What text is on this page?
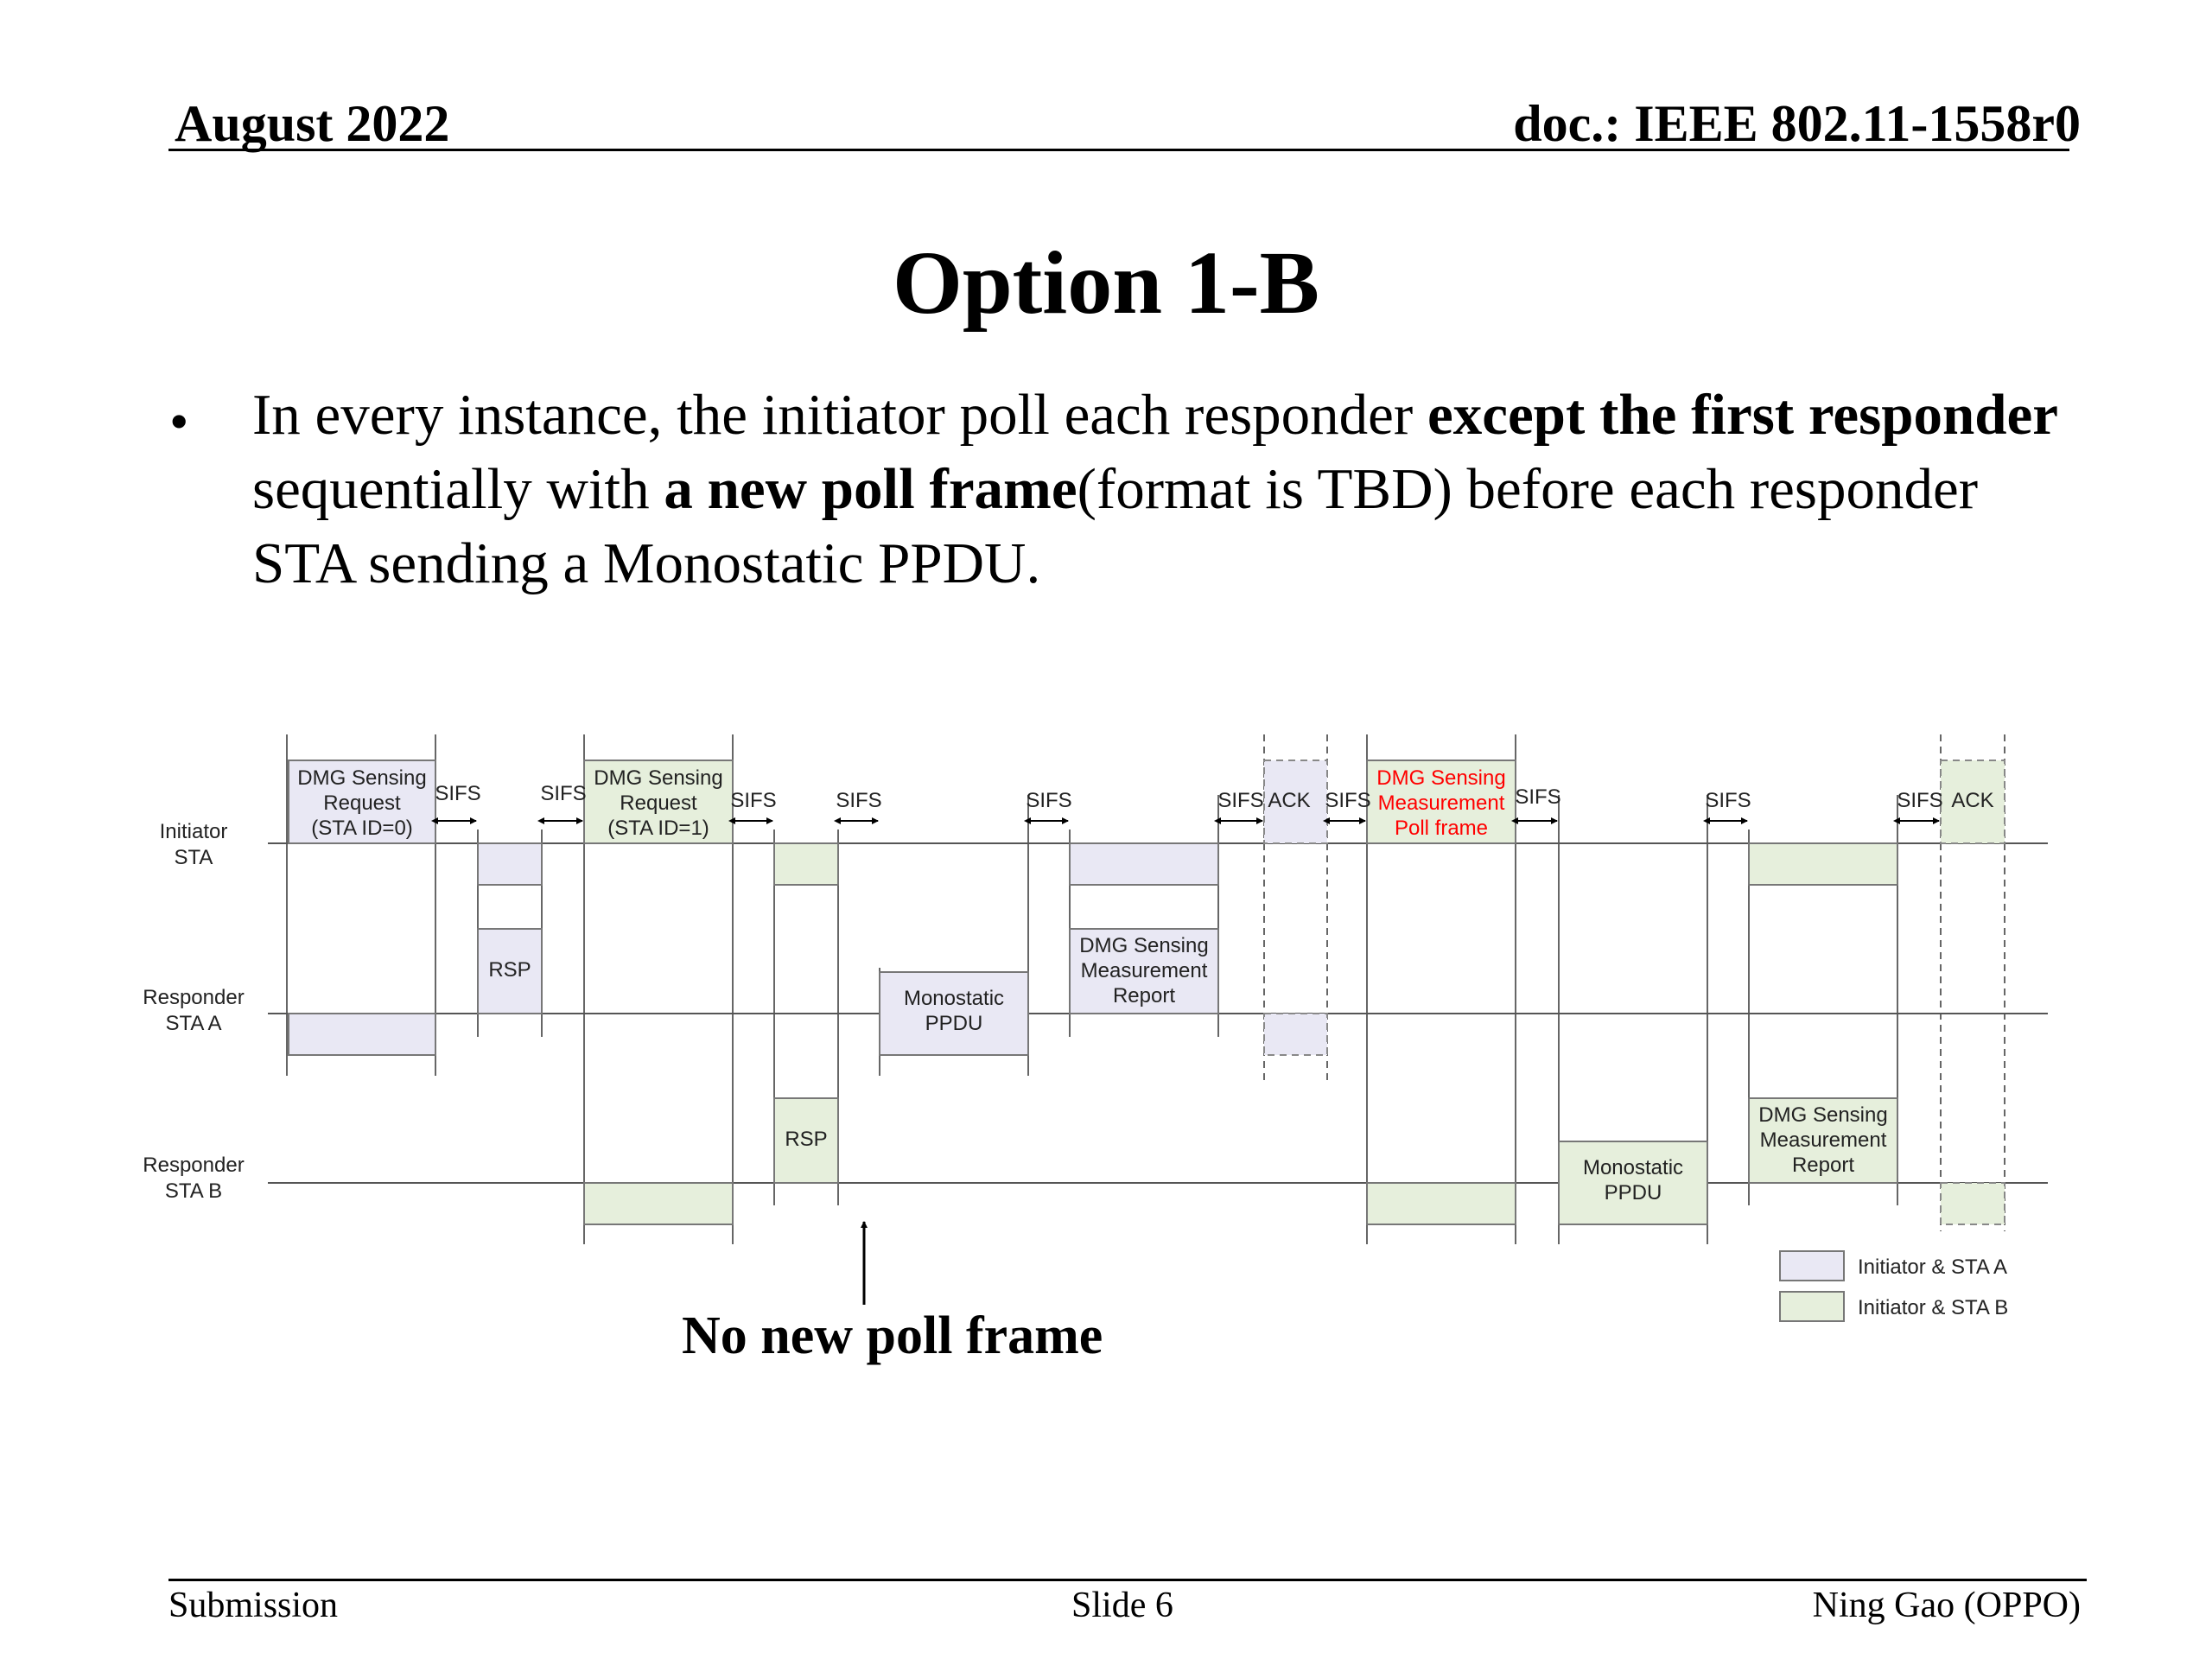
August 2022	doc.: IEEE 802.11-1558r0
Option 1-B
• In every instance, the initiator poll each responder except the first responder sequentially with a new poll frame(format is TBD) before each responder STA sending a Monostatic PPDU.
Initiator
STA
Responder
STA A
Responder
STA B
DMG Sensing
Request
(STA ID=0)
DMG Sensing
Request
(STA ID=1)
ACK
DMG Sensing
Measurement
Poll frame
ACK
RSP
Monostatic
PPDU
DMG Sensing
Measurement
Report
RSP
Monostatic
PPDU
DMG Sensing
Measurement
Report
SIFS	SIFS	SIFS	SIFS	SIFS	SIFS	SIFS	SIFS	SIFS	SIFS
Initiator & STA A
Initiator & STA B
No new poll frame
Submission	Slide 6	Ning Gao (OPPO)
